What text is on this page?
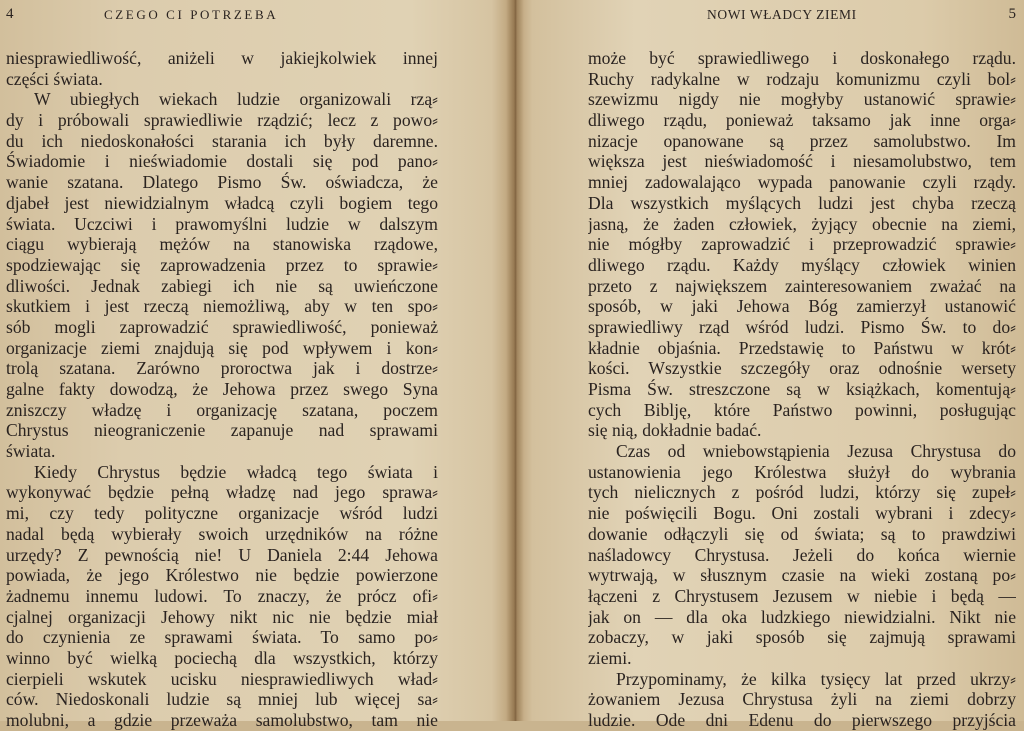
4	CZEGO CI POTRZEBA
niesprawiedliwość, aniżeli w jakiejkolwiek innej
części świata.
W ubiegłych wiekach ludzie organizowali rzą⸗
dy i próbowali sprawiedliwie rządzić; lecz z powo⸗
du ich niedoskonałości starania ich były daremne.
Świadomie i nieświadomie dostali się pod pano⸗
wanie szatana. Dlatego Pismo Św. oświadcza, że
djabeł jest niewidzialnym władcą czyli bogiem tego
świata. Uczciwi i prawomyślni ludzie w dalszym
ciągu wybierają mężów na stanowiska rządowe,
spodziewając się zaprowadzenia przez to sprawie⸗
dliwości. Jednak zabiegi ich nie są uwieńczone
skutkiem i jest rzeczą niemożliwą, aby w ten spo⸗
sób mogli zaprowadzić sprawiedliwość, ponieważ
organizacje ziemi znajdują się pod wpływem i kon⸗
trolą szatana. Zarówno proroctwa jak i dostrze⸗
galne fakty dowodzą, że Jehowa przez swego Syna
zniszczy władzę i organizację szatana, poczem
Chrystus nieograniczenie zapanuje nad sprawami
świata.
Kiedy Chrystus będzie władcą tego świata i
wykonywać będzie pełną władzę nad jego sprawa⸗
mi, czy tedy polityczne organizacje wśród ludzi
nadal będą wybierały swoich urzędników na różne
urzędy? Z pewnością nie! U Daniela 2:44 Jehowa
powiada, że jego Królestwo nie będzie powierzone
żadnemu innemu ludowi. To znaczy, że prócz ofi⸗
cjalnej organizacji Jehowy nikt nic nie będzie miał
do czynienia ze sprawami świata. To samo po⸗
winno być wielką pociechą dla wszystkich, którzy
cierpieli wskutek ucisku niesprawiedliwych wład⸗
ców. Niedoskonali ludzie są mniej lub więcej sa⸗
molubni, a gdzie przeważa samolubstwo, tam nie
NOWI WŁADCY ZIEMI	5
może być sprawiedliwego i doskonałego rządu.
Ruchy radykalne w rodzaju komunizmu czyli bol⸗
szewizmu nigdy nie mogłyby ustanowić sprawie⸗
dliwego rządu, ponieważ taksamo jak inne orga⸗
nizacje opanowane są przez samolubstwo. Im
większa jest nieświadomość i niesamolubstwo, tem
mniej zadowalająco wypada panowanie czyli rządy.
Dla wszystkich myślących ludzi jest chyba rzeczą
jasną, że żaden człowiek, żyjący obecnie na ziemi,
nie mógłby zaprowadzić i przeprowadzić sprawie⸗
dliwego rządu. Każdy myślący człowiek winien
przeto z największem zainteresowaniem zważać na
sposób, w jaki Jehowa Bóg zamierzył ustanowić
sprawiedliwy rząd wśród ludzi. Pismo Św. to do⸗
kładnie objaśnia. Przedstawię to Państwu w krót⸗
kości. Wszystkie szczegóły oraz odnośnie wersety
Pisma Św. streszczone są w książkach, komentują⸗
cych Biblję, które Państwo powinni, posługując
się nią, dokładnie badać.
Czas od wniebowstąpienia Jezusa Chrystusa do
ustanowienia jego Królestwa służył do wybrania
tych nielicznych z pośród ludzi, którzy się zupeł⸗
nie poświęcili Bogu. Oni zostali wybrani i zdecy⸗
dowanie odłączyli się od świata; są to prawdziwi
naśladowcy Chrystusa. Jeżeli do końca wiernie
wytrwają, w słusznym czasie na wieki zostaną po⸗
łączeni z Chrystusem Jezusem w niebie i będą —
jak on — dla oka ludzkiego niewidzialni. Nikt nie
zobaczy, w jaki sposób się zajmują sprawami
ziemi.
Przypominamy, że kilka tysięcy lat przed ukrzy⸗
żowaniem Jezusa Chrystusa żyli na ziemi dobrzy
ludzie. Ode dni Edenu do pierwszego przyjścia
